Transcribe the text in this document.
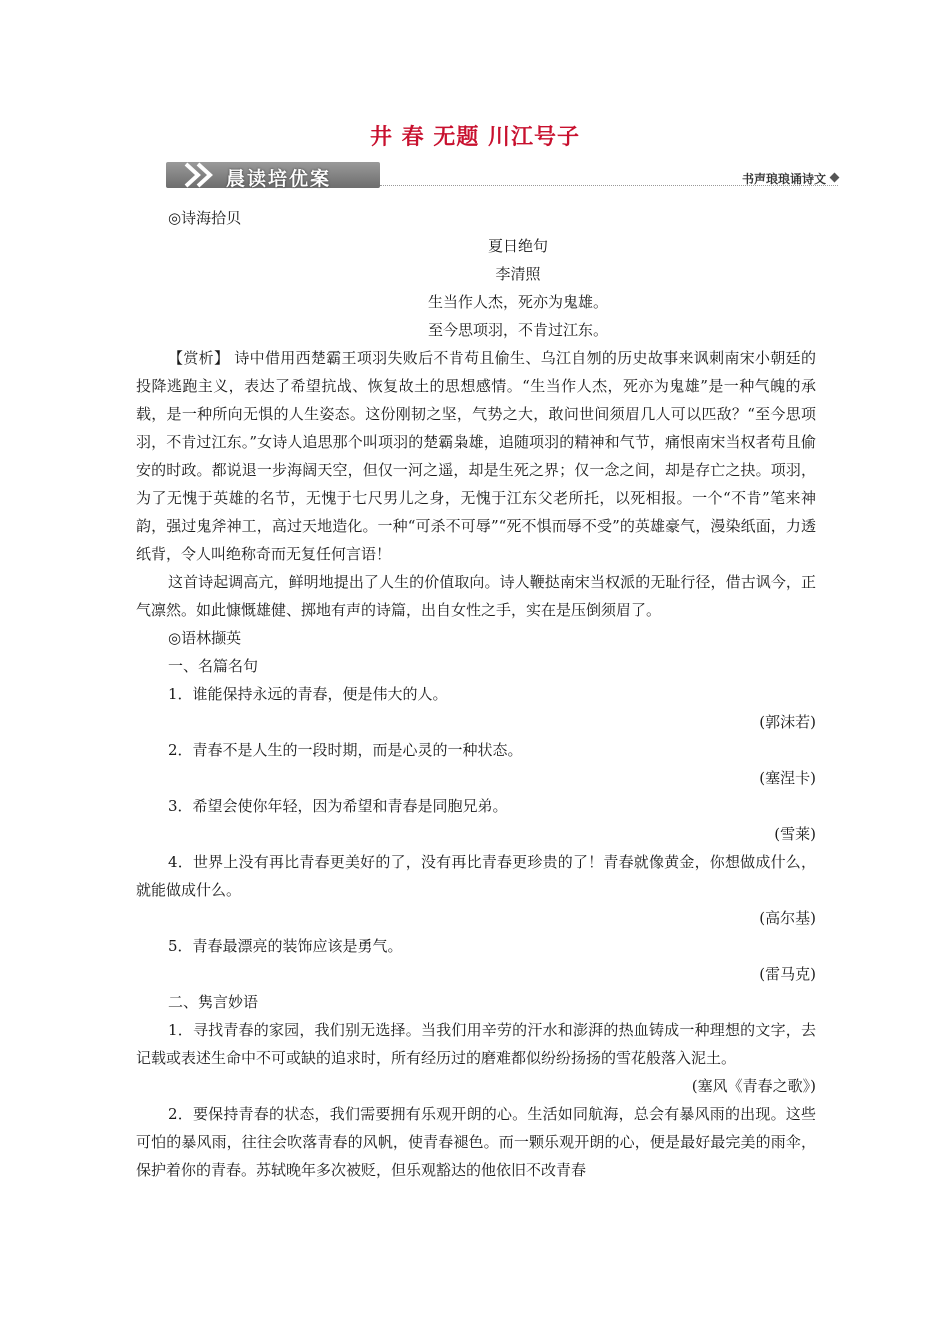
井 春 无题 川江号子
晨读培优案	书声琅琅诵诗文

◎诗海拾贝

夏日绝句

李清照

生当作人杰，死亦为鬼雄。

至今思项羽，不肯过江东。

【赏析】 诗中借用西楚霸王项羽失败后不肯苟且偷生、乌江自刎的历史故事来讽刺南宋小朝廷的投降逃跑主义，表达了希望抗战、恢复故土的思想感情。“生当作人杰，死亦为鬼雄”是一种气魄的承载，是一种所向无惧的人生姿态。这份刚韧之坚，气势之大，敢问世间须眉几人可以匹敌？“至今思项羽，不肯过江东。”女诗人追思那个叫项羽的楚霸枭雄，追随项羽的精神和气节，痛恨南宋当权者苟且偷安的时政。都说退一步海阔天空，但仅一河之遥，却是生死之界；仅一念之间，却是存亡之抉。项羽，为了无愧于英雄的名节，无愧于七尺男儿之身，无愧于江东父老所托，以死相报。一个“不肯”笔来神韵，强过鬼斧神工，高过天地造化。一种“可杀不可辱”“死不惧而辱不受”的英雄豪气，漫染纸面，力透纸背，令人叫绝称奇而无复任何言语！

这首诗起调高亢，鲜明地提出了人生的价值取向。诗人鞭挞南宋当权派的无耻行径，借古讽今，正气凛然。如此慷慨雄健、掷地有声的诗篇，出自女性之手，实在是压倒须眉了。

◎语林撷英

一、名篇名句

1．谁能保持永远的青春，便是伟大的人。

(郭沫若)

2．青春不是人生的一段时期，而是心灵的一种状态。

(塞涅卡)

3．希望会使你年轻，因为希望和青春是同胞兄弟。

(雪莱)

4．世界上没有再比青春更美好的了，没有再比青春更珍贵的了！青春就像黄金，你想做成什么，就能做成什么。

(高尔基)

5．青春最漂亮的装饰应该是勇气。

(雷马克)

二、隽言妙语

1．寻找青春的家园，我们别无选择。当我们用辛劳的汗水和澎湃的热血铸成一种理想的文字，去记载或表述生命中不可或缺的追求时，所有经历过的磨难都似纷纷扬扬的雪花般落入泥土。

(塞风《青春之歌》)

2．要保持青春的状态，我们需要拥有乐观开朗的心。生活如同航海，总会有暴风雨的出现。这些可怕的暴风雨，往往会吹落青春的风帆，使青春褪色。而一颗乐观开朗的心，便是最好最完美的雨伞，保护着你的青春。苏轼晚年多次被贬，但乐观豁达的他依旧不改青春
